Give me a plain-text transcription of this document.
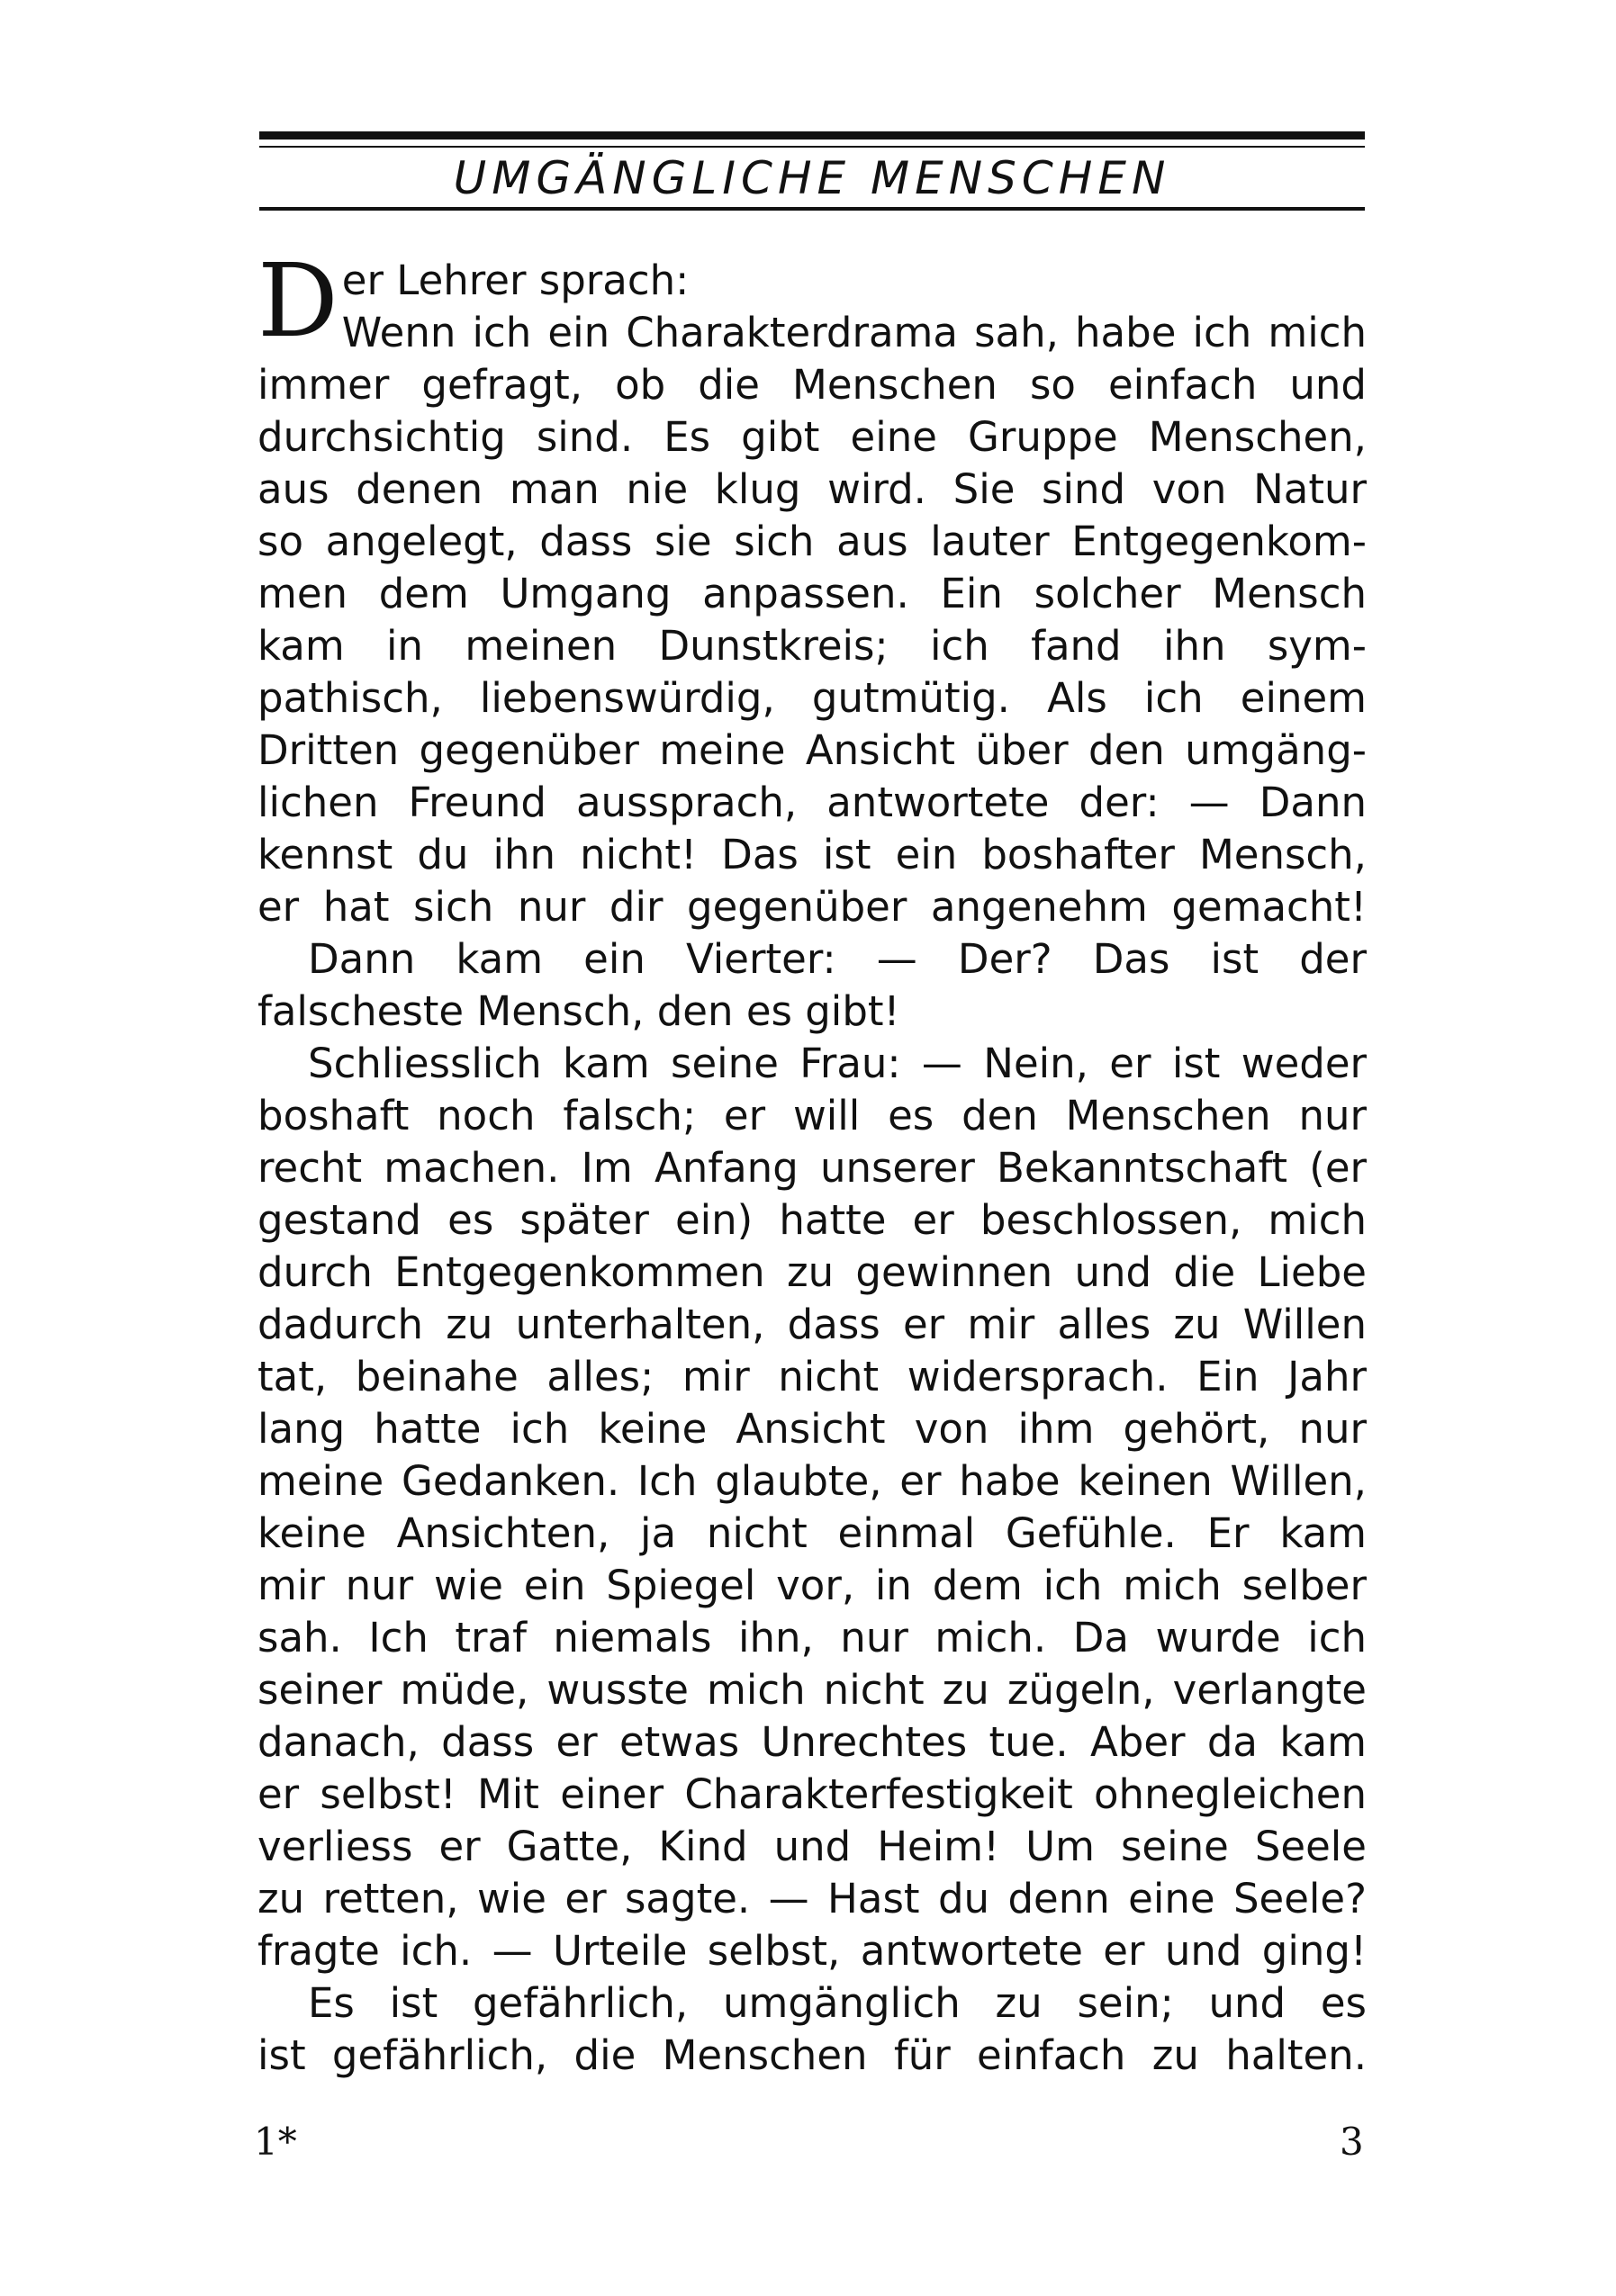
UMGÄNGLICHE MENSCHEN
D er Lehrer sprach:
Wenn ich ein Charakterdrama sah, habe ich mich
immer gefragt, ob die Menschen so einfach und
durchsichtig sind. Es gibt eine Gruppe Menschen,
aus denen man nie klug wird. Sie sind von Natur
so angelegt, dass sie sich aus lauter Entgegenkom-
men dem Umgang anpassen. Ein solcher Mensch
kam in meinen Dunstkreis; ich fand ihn sym-
pathisch, liebenswürdig, gutmütig. Als ich einem
Dritten gegenüber meine Ansicht über den umgäng-
lichen Freund aussprach, antwortete der: — Dann
kennst du ihn nicht! Das ist ein boshafter Mensch,
er hat sich nur dir gegenüber angenehm gemacht!
Dann kam ein Vierter: — Der? Das ist der
falscheste Mensch, den es gibt!
Schliesslich kam seine Frau: — Nein, er ist weder
boshaft noch falsch; er will es den Menschen nur
recht machen. Im Anfang unserer Bekanntschaft (er
gestand es später ein) hatte er beschlossen, mich
durch Entgegenkommen zu gewinnen und die Liebe
dadurch zu unterhalten, dass er mir alles zu Willen
tat, beinahe alles; mir nicht widersprach. Ein Jahr
lang hatte ich keine Ansicht von ihm gehört, nur
meine Gedanken. Ich glaubte, er habe keinen Willen,
keine Ansichten, ja nicht einmal Gefühle. Er kam
mir nur wie ein Spiegel vor, in dem ich mich selber
sah. Ich traf niemals ihn, nur mich. Da wurde ich
seiner müde, wusste mich nicht zu zügeln, verlangte
danach, dass er etwas Unrechtes tue. Aber da kam
er selbst! Mit einer Charakterfestigkeit ohnegleichen
verliess er Gatte, Kind und Heim! Um seine Seele
zu retten, wie er sagte. — Hast du denn eine Seele?
fragte ich. — Urteile selbst, antwortete er und ging!
Es ist gefährlich, umgänglich zu sein; und es
ist gefährlich, die Menschen für einfach zu halten.
1*	3
